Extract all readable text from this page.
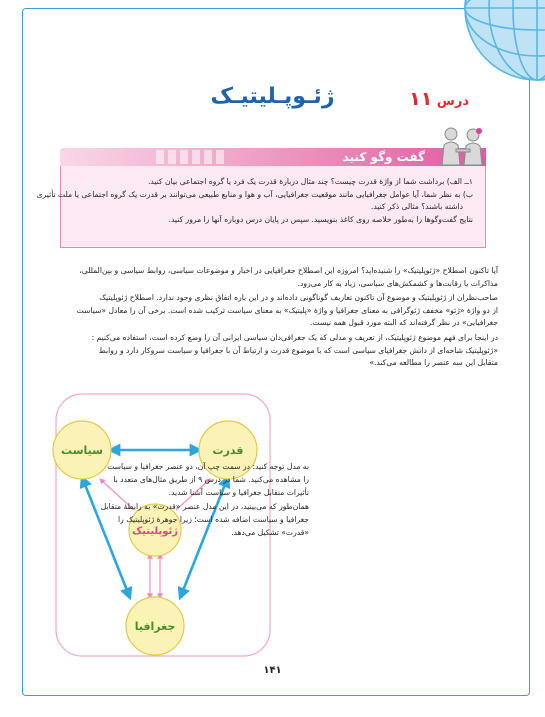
ژئـوپـلیتیـک	درس ۱۱
گفت وگو کنید

۱ــ الف) برداشت شما از واژهٔ قدرت چیست؟ چند مثال دربارهٔ قدرت یک فرد یا گروه اجتماعی بیان کنید.

ب) به نظر شما، آیا عوامل جغرافیایی مانند موقعیت جغرافیایی، آب و هوا و منابع طبیعی می‌توانند بر قدرت یک گروه اجتماعی یا ملت تأثیری

داشته باشند؟ مثالی ذکر کنید.

نتایج گفت‌وگوها را به‌طور خلاصه روی کاغذ بنویسید. سپس در پایان درس دوباره آنها را مرور کنید.

آیا تاکنون اصطلاح «ژئوپلیتیک» را شنیده‌اید؟ امروزه این اصطلاح جغرافیایی در اخبار و موضوعات سیاسی، روابط سیاسی و بین‌المللی،

مذاکرات یا رقابت‌ها و کشمکش‌های سیاسی، زیاد به کار می‌رود.

صاحب‌نظران از ژئوپلیتیک و موضوع آن تاکنون تعاریف گوناگونی داده‌اند و در این باره اتفاق نظری وجود ندارد. اصطلاح ژئوپلیتیک

از دو واژهٔ «ژئو» مخفف ژئوگرافی به معنای جغرافیا و واژهٔ «پلیتیک» به معنای سیاست ترکیب شده است. برخی آن را معادل «سیاست

جغرافیایی» در نظر گرفته‌اند که البته مورد قبول همه نیست.

در اینجا برای فهم موضوع ژئوپلیتیک، از تعریف و مدلی که یک جغرافی‌دان سیاسی ایرانی آن را وضع کرده است، استفاده می‌کنیم :

«ژئوپلیتیک شاخه‌ای از دانش جغرافیای سیاسی است که با موضوع قدرت و ارتباط آن با جغرافیا و سیاست سروکار دارد و روابط

متقابل این سه عنصر را مطالعه می‌کند.»

سیاست	قدرت
ژئوپلیتیک
جغرافیا

به مدل توجه کنید: در سمت چپ آن، دو عنصر جغرافیا و سیاست

را مشاهده می‌کنید. شما در درس ۹ از طریق مثال‌های متعدد با

تأثیرات متقابل جغرافیا و سیاست آشنا شدید.

همان‌طور که می‌بینید، در این مدل عنصر «قدرت» به رابطهٔ متقابل

جغرافیا و سیاست اضافه شده است؛ زیرا جوهرهٔ ژئوپلیتیک را

«قدرت» تشکیل می‌دهد.

۱۴۱
